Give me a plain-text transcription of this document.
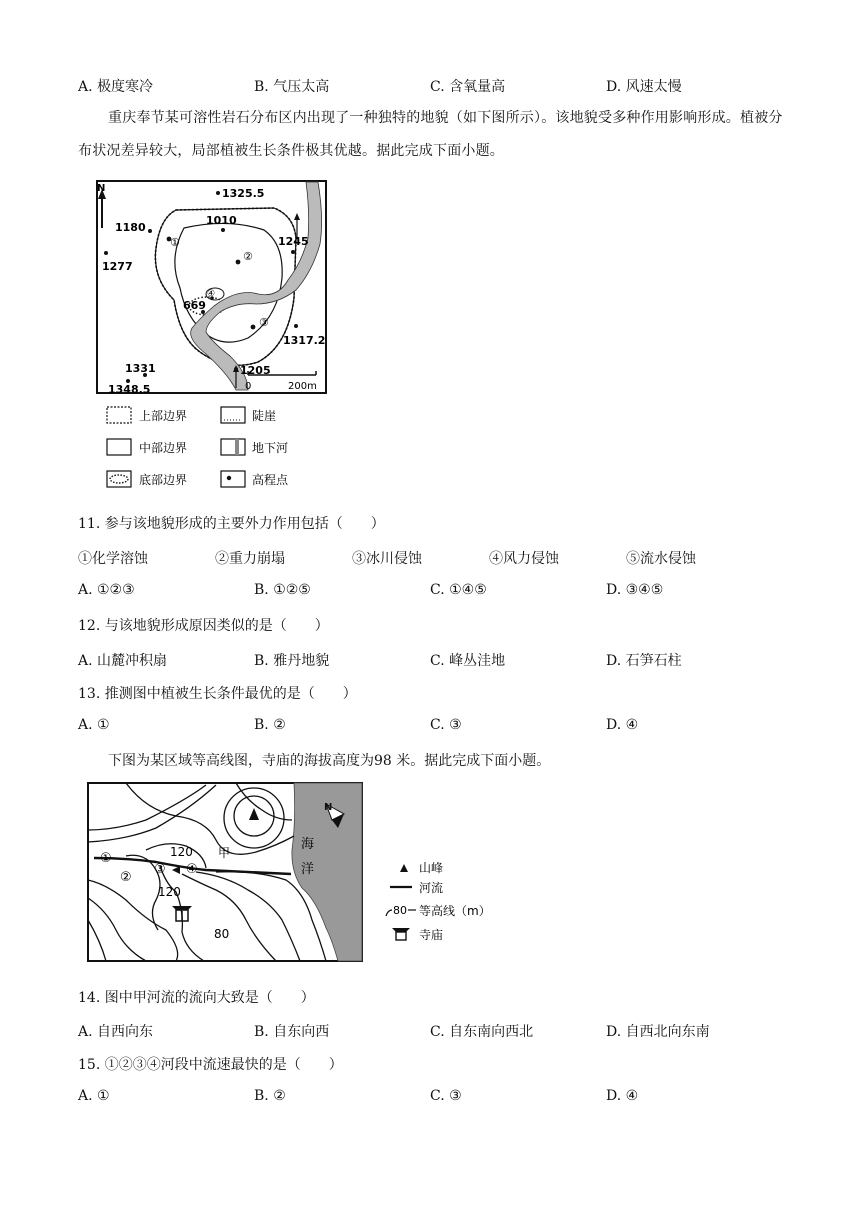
A. 极度寒冷	B. 气压太高	C. 含氧量高	D. 风速太慢
重庆奉节某可溶性岩石分布区内出现了一种独特的地貌（如下图所示）。该地貌受多种作用影响形成。植被分布状况差异较大，局部植被生长条件极其优越。据此完成下面小题。
N	1325.5
1010
1180
1245
1277
669
1317.2
1331	1205
1348.5
①
②
③
④
0	200m
上部边界	陡崖
中部边界	地下河
底部边界	高程点
11. 参与该地貌形成的主要外力作用包括（　　）
①化学溶蚀	②重力崩塌	③冰川侵蚀	④风力侵蚀	⑤流水侵蚀
A. ①②③	B. ①②⑤	C. ①④⑤	D. ③④⑤
12. 与该地貌形成原因类似的是（　　）
A. 山麓冲积扇	B. 雅丹地貌	C. 峰丛洼地	D. 石笋石柱
13. 推测图中植被生长条件最优的是（　　）
A. ①	B. ②	C. ③	D. ④
下图为某区域等高线图，寺庙的海拔高度为98 米。据此完成下面小题。
N
海
洋
①
②
③ ④
120 甲
120
80
山峰
河流
80 等高线（m）
寺庙
14. 图中甲河流的流向大致是（　　）
A. 自西向东	B. 自东向西	C. 自东南向西北	D. 自西北向东南
15. ①②③④河段中流速最快的是（　　）
A. ①	B. ②	C. ③	D. ④
